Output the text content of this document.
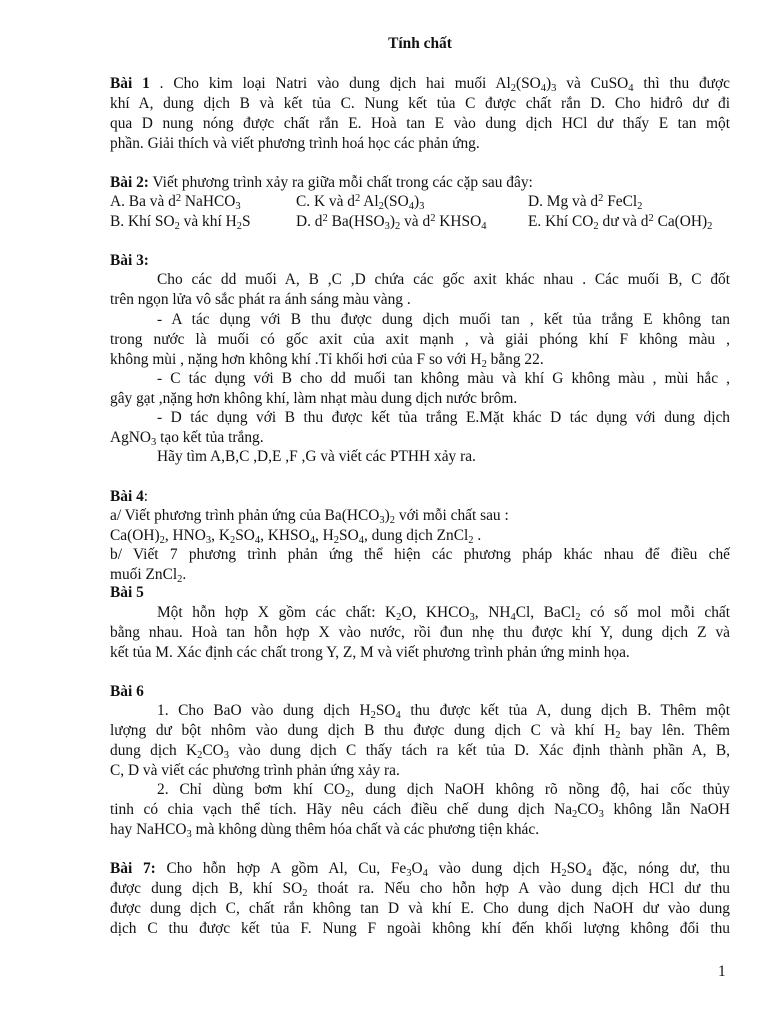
Tính chất
Bài 1 . Cho kim loại Natri vào dung dịch hai muối $Al_2(SO_4)_3$ và CuSO$_4$ thì thu được
khí A, dung dịch B và kết tủa C. Nung kết tủa C được chất rắn D. Cho hiđrô dư đi
qua D nung nóng được chất rắn E. Hoà tan E vào dung dịch HCl dư thấy E tan một
phần. Giải thích và viết phương trình hoá học các phản ứng.
Bài 2: Viết phương trình xảy ra giữa mỗi chất trong các cặp sau đây:
A. Ba và $d^2$ NaHCO$_3$	C. K và $d^2$ $Al_2(SO_4)_3$	D. Mg và $d^2$ FeCl$_2$
B. Khí $SO_2$ và khí $H_2S$	D. $d^2$ $Ba(HSO_3)_2$ và $d^2$ $KHSO_4$	E. Khí $CO_2$ dư và $d^2$ $Ca(OH)_2$
Bài 3:
Cho các dd muối A, B ,C ,D chứa các gốc axit khác nhau . Các muối B, C đốt
trên ngọn lửa vô sắc phát ra ánh sáng màu vàng .
- A tác dụng với B thu được dung dịch muối tan , kết tủa trắng E không tan
trong nước là muối có gốc axit của axit mạnh , và giải phóng khí F không màu ,
không mùi , nặng hơn không khí .Tỉ khối hơi của F so với $H_2$ bằng 22.
- C tác dụng với B cho dd muối tan không màu và khí G không màu , mùi hắc ,
gây gạt ,nặng hơn không khí, làm nhạt màu dung dịch nước brôm.
- D tác dụng với B thu được kết tủa trắng E.Mặt khác D tác dụng với dung dịch
AgNO$_3$ tạo kết tủa trắng.
Hãy tìm A,B,C ,D,E ,F ,G và viết các PTHH xảy ra.
Bài 4:
a/ Viết phương trình phản ứng của $Ba(HCO_3)_2$ với mỗi chất sau :
$Ca(OH)_2$, $HNO_3$, $K_2SO_4$, $KHSO_4$, $H_2SO_4$, dung dịch ZnCl$_2$ .
b/ Viết 7 phương trình phản ứng thể hiện các phương pháp khác nhau để điều chế
muối ZnCl$_2$.
Bài 5
Một hỗn hợp X gồm các chất: $K_2O$, $KHCO_3$, $NH_4Cl$, BaCl$_2$ có số mol mỗi chất
bằng nhau. Hoà tan hỗn hợp X vào nước, rồi đun nhẹ thu được khí Y, dung dịch Z và
kết tủa M. Xác định các chất trong Y, Z, M và viết phương trình phản ứng minh họa.
Bài 6
1. Cho BaO vào dung dịch $H_2SO_4$ thu được kết tủa A, dung dịch B. Thêm một
lượng dư bột nhôm vào dung dịch B thu được dung dịch C và khí $H_2$ bay lên. Thêm
dung dịch $K_2CO_3$ vào dung dịch C thấy tách ra kết tủa D. Xác định thành phần A, B,
C, D và viết các phương trình phản ứng xảy ra.
2. Chỉ dùng bơm khí $CO_2$, dung dịch NaOH không rõ nồng độ, hai cốc thủy
tinh có chia vạch thể tích. Hãy nêu cách điều chế dung dịch $Na_2CO_3$ không lẫn NaOH
hay NaHCO$_3$ mà không dùng thêm hóa chất và các phương tiện khác.
Bài 7: Cho hỗn hợp A gồm Al, Cu, $Fe_3O_4$ vào dung dịch $H_2SO_4$ đặc, nóng dư, thu
được dung dịch B, khí $SO_2$ thoát ra. Nếu cho hỗn hợp A vào dung dịch HCl dư thu
được dung dịch C, chất rắn không tan D và khí E. Cho dung dịch NaOH dư vào dung
dịch C thu được kết tủa F. Nung F ngoài không khí đến khối lượng không đổi thu
1
